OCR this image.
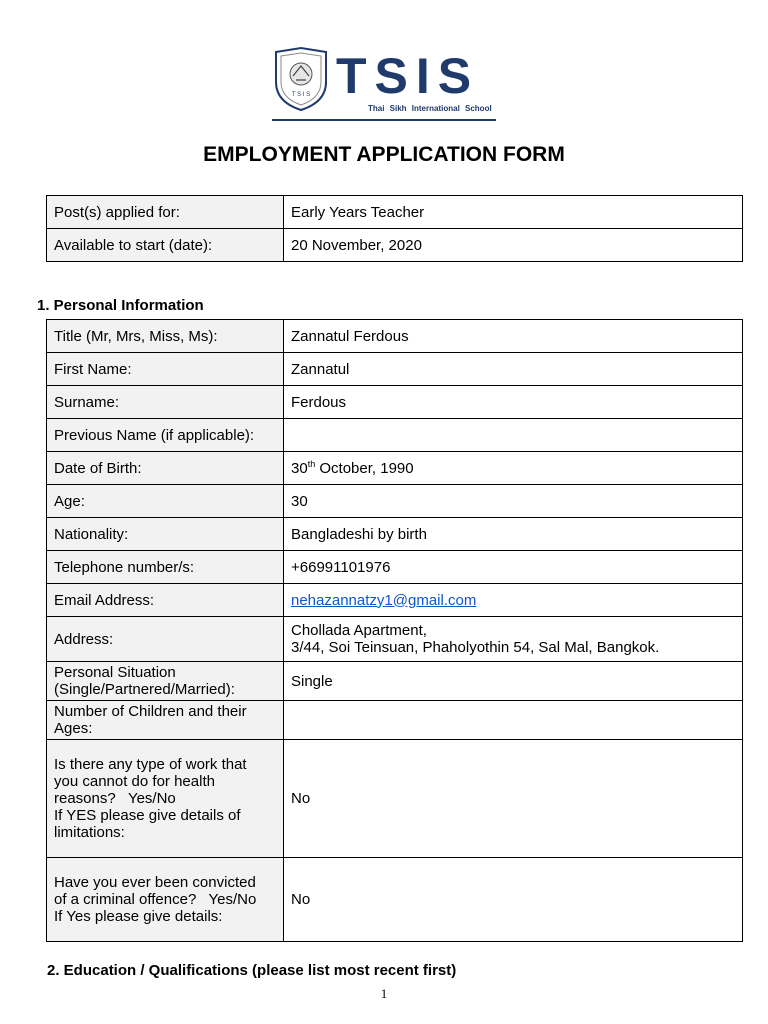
T S I S TSIS
Thai Sikh International School
EMPLOYMENT APPLICATION FORM
Post(s) applied for:	Early Years Teacher
Available to start (date):	20 November, 2020
1. Personal Information
Title (Mr, Mrs, Miss, Ms):	Zannatul Ferdous
First Name:	Zannatul
Surname:	Ferdous
Previous Name (if applicable):	
Date of Birth:	30th October, 1990
Age:	30
Nationality:	Bangladeshi by birth
Telephone number/s:	+66991101976
Email Address:	nehazannatzy1@gmail.com
Address:	Chollada Apartment,
3/44, Soi Teinsuan, Phaholyothin 54, Sal Mal, Bangkok.

Personal Situation
(Single/Partnered/Married):	Single

Number of Children and their
Ages:	

Is there any type of work that
you cannot do for health
reasons?   Yes/No
If YES please give details of
limitations:	No

Have you ever been convicted
of a criminal offence?   Yes/No
If Yes please give details:	No
2. Education / Qualifications (please list most recent first)
1
